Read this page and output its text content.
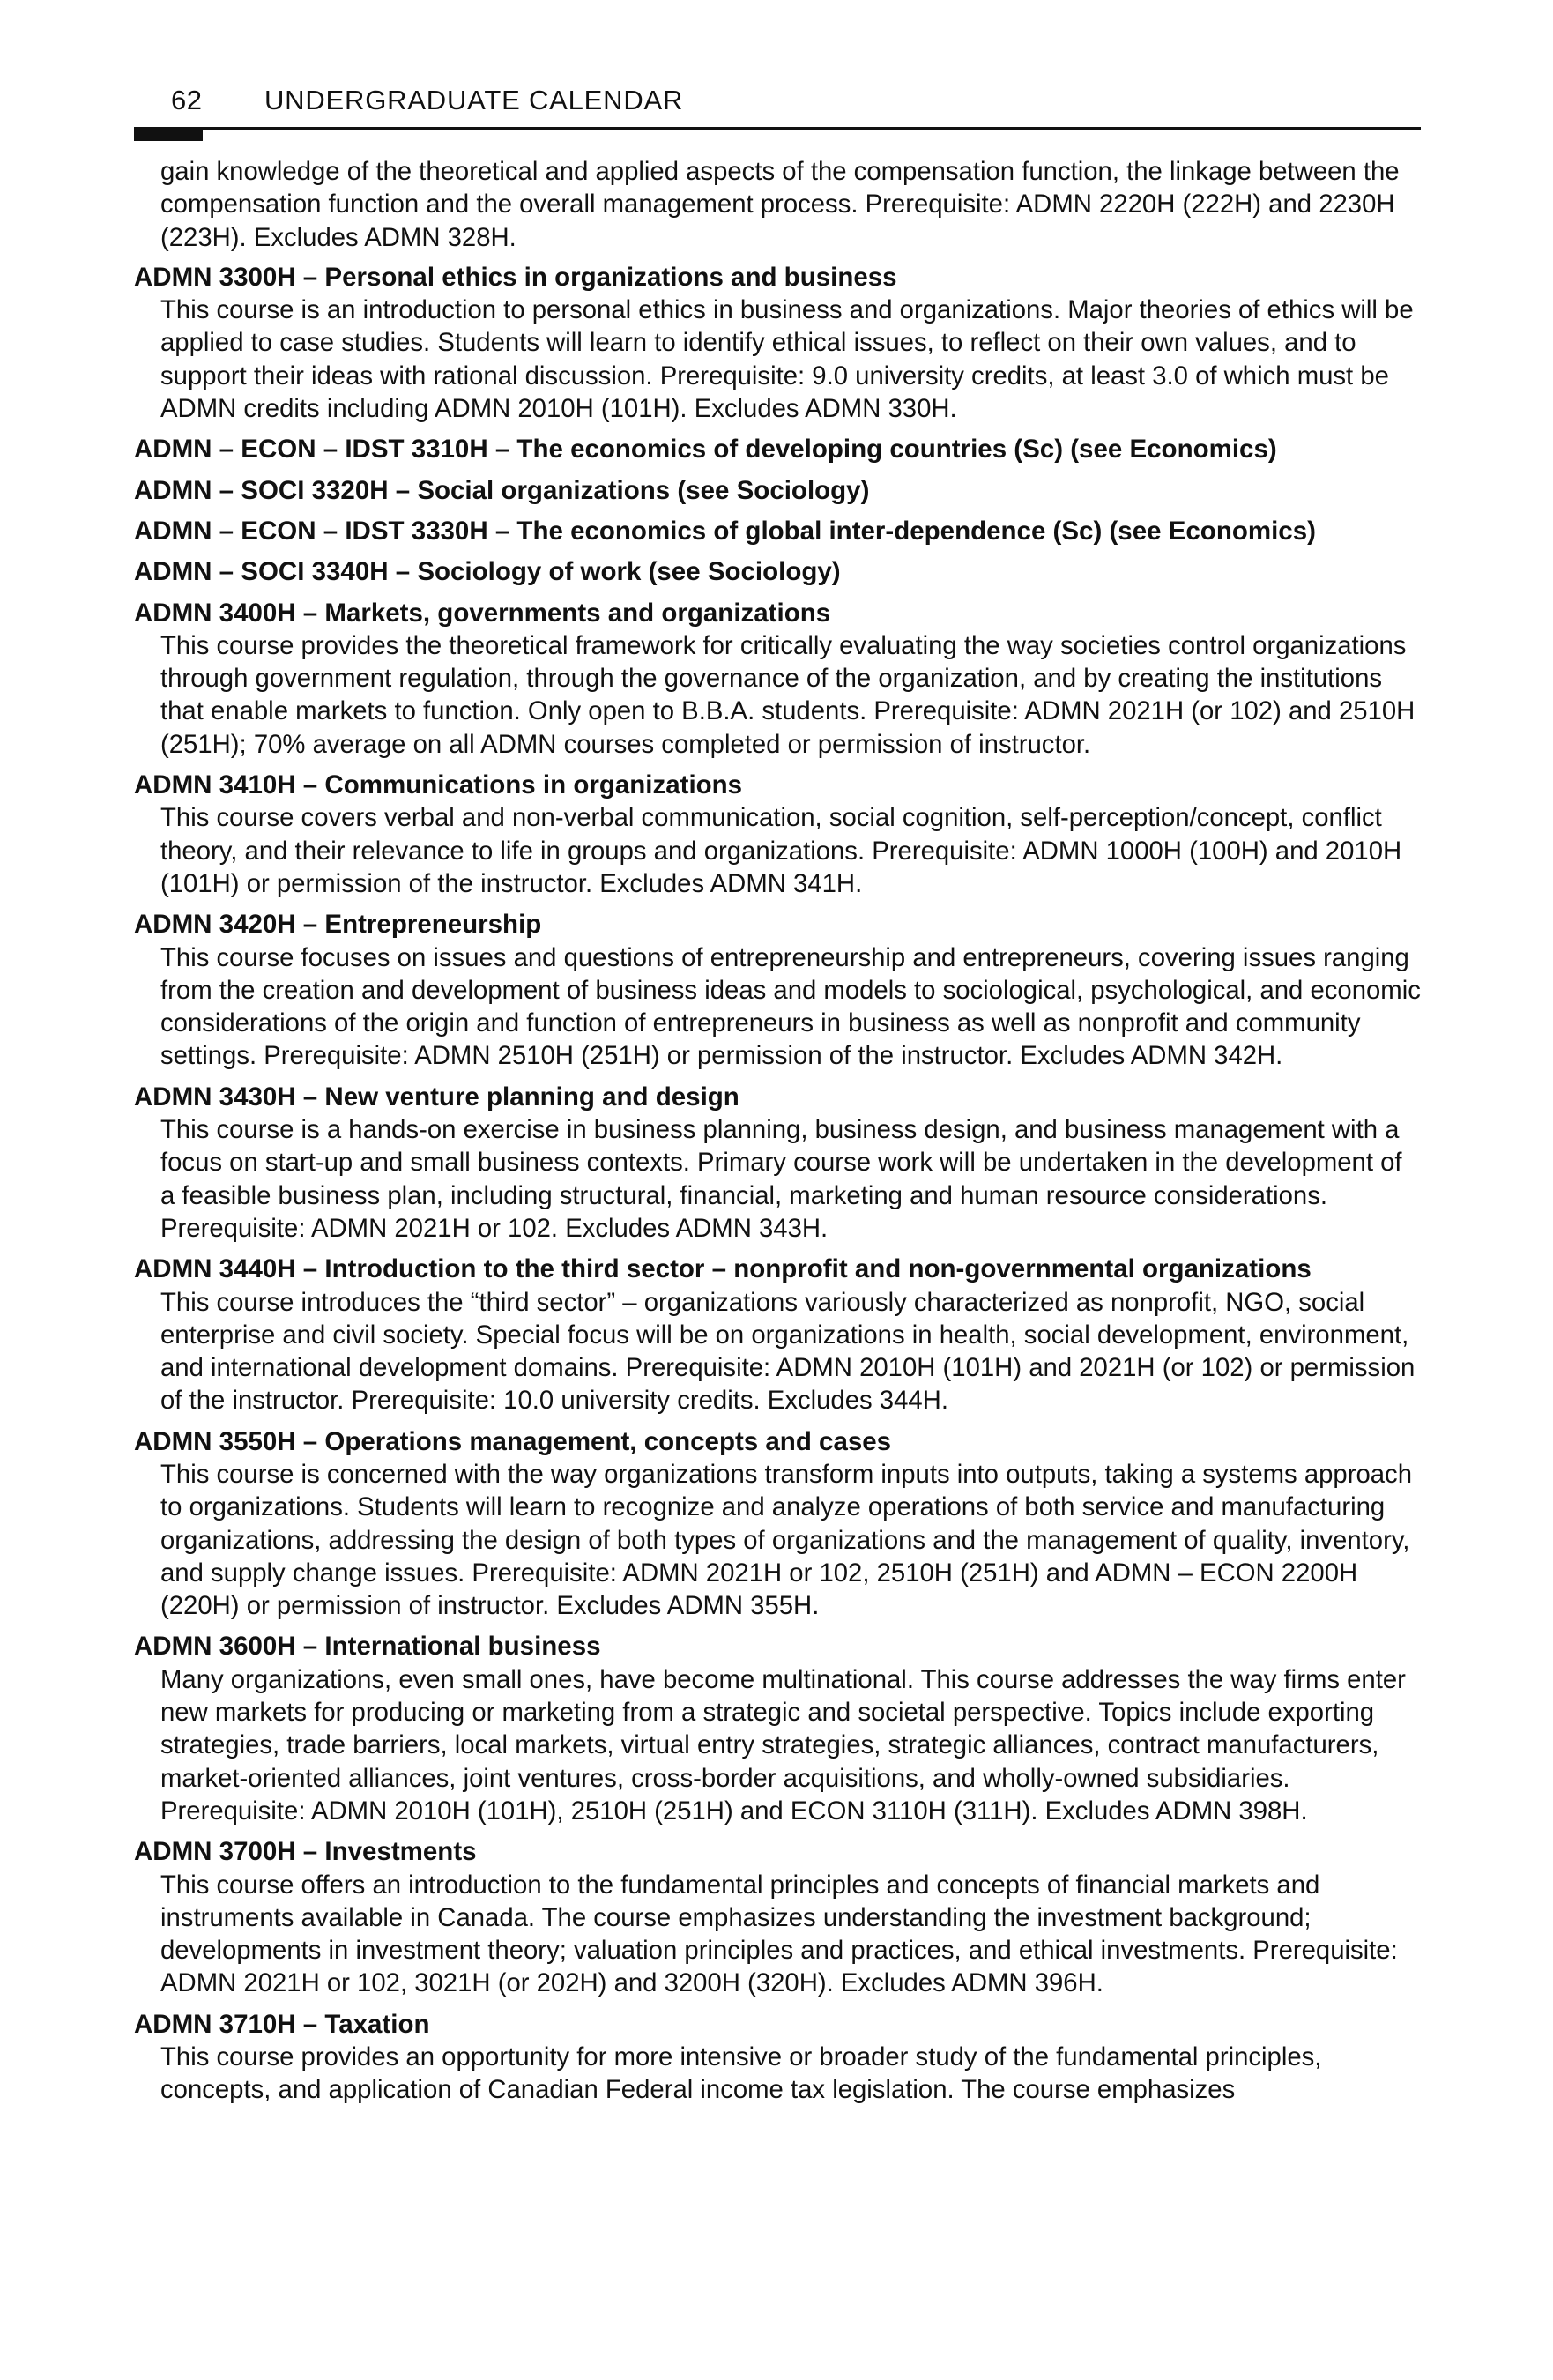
62 UNDERGRADUATE CALENDAR

gain knowledge of the theoretical and applied aspects of the compensation function, the linkage between the compensation function and the overall management process. Prerequisite: ADMN 2220H (222H) and 2230H (223H). Excludes ADMN 328H.

ADMN 3300H – Personal ethics in organizations and business

This course is an introduction to personal ethics in business and organizations. Major theories of ethics will be applied to case studies. Students will learn to identify ethical issues, to reflect on their own values, and to support their ideas with rational discussion. Prerequisite: 9.0 university credits, at least 3.0 of which must be ADMN credits including ADMN 2010H (101H). Excludes ADMN 330H.

ADMN – ECON – IDST 3310H – The economics of developing countries (Sc) (see Economics)

ADMN – SOCI 3320H – Social organizations (see Sociology)

ADMN – ECON – IDST 3330H – The economics of global inter-dependence (Sc) (see Economics)

ADMN – SOCI 3340H – Sociology of work (see Sociology)

ADMN 3400H – Markets, governments and organizations

This course provides the theoretical framework for critically evaluating the way societies control organizations through government regulation, through the governance of the organization, and by creating the institutions that enable markets to function. Only open to B.B.A. students. Prerequisite: ADMN 2021H (or 102) and 2510H (251H); 70% average on all ADMN courses completed or permission of instructor.

ADMN 3410H – Communications in organizations

This course covers verbal and non-verbal communication, social cognition, self-perception/concept, conflict theory, and their relevance to life in groups and organizations. Prerequisite: ADMN 1000H (100H) and 2010H (101H) or permission of the instructor. Excludes ADMN 341H.

ADMN 3420H – Entrepreneurship

This course focuses on issues and questions of entrepreneurship and entrepreneurs, covering issues ranging from the creation and development of business ideas and models to sociological, psychological, and economic considerations of the origin and function of entrepreneurs in business as well as nonprofit and community settings. Prerequisite: ADMN 2510H (251H) or permission of the instructor. Excludes ADMN 342H.

ADMN 3430H – New venture planning and design

This course is a hands-on exercise in business planning, business design, and business management with a focus on start-up and small business contexts. Primary course work will be undertaken in the development of a feasible business plan, including structural, financial, marketing and human resource considerations. Prerequisite: ADMN 2021H or 102. Excludes ADMN 343H.

ADMN 3440H – Introduction to the third sector – nonprofit and non-governmental organizations

This course introduces the “third sector” – organizations variously characterized as nonprofit, NGO, social enterprise and civil society. Special focus will be on organizations in health, social development, environment, and international development domains. Prerequisite: ADMN 2010H (101H) and 2021H (or 102) or permission of the instructor. Prerequisite: 10.0 university credits. Excludes 344H.

ADMN 3550H – Operations management, concepts and cases

This course is concerned with the way organizations transform inputs into outputs, taking a systems approach to organizations. Students will learn to recognize and analyze operations of both service and manufacturing organizations, addressing the design of both types of organizations and the management of quality, inventory, and supply change issues. Prerequisite: ADMN 2021H or 102, 2510H (251H) and ADMN – ECON 2200H (220H) or permission of instructor. Excludes ADMN 355H.

ADMN 3600H – International business

Many organizations, even small ones, have become multinational. This course addresses the way firms enter new markets for producing or marketing from a strategic and societal perspective. Topics include exporting strategies, trade barriers, local markets, virtual entry strategies, strategic alliances, contract manufacturers, market-oriented alliances, joint ventures, cross-border acquisitions, and wholly-owned subsidiaries. Prerequisite: ADMN 2010H (101H), 2510H (251H) and ECON 3110H (311H). Excludes ADMN 398H.

ADMN 3700H – Investments

This course offers an introduction to the fundamental principles and concepts of financial markets and instruments available in Canada. The course emphasizes understanding the investment background; developments in investment theory; valuation principles and practices, and ethical investments. Prerequisite: ADMN 2021H or 102, 3021H (or 202H) and 3200H (320H). Excludes ADMN 396H.

ADMN 3710H – Taxation

This course provides an opportunity for more intensive or broader study of the fundamental principles, concepts, and application of Canadian Federal income tax legislation. The course emphasizes
